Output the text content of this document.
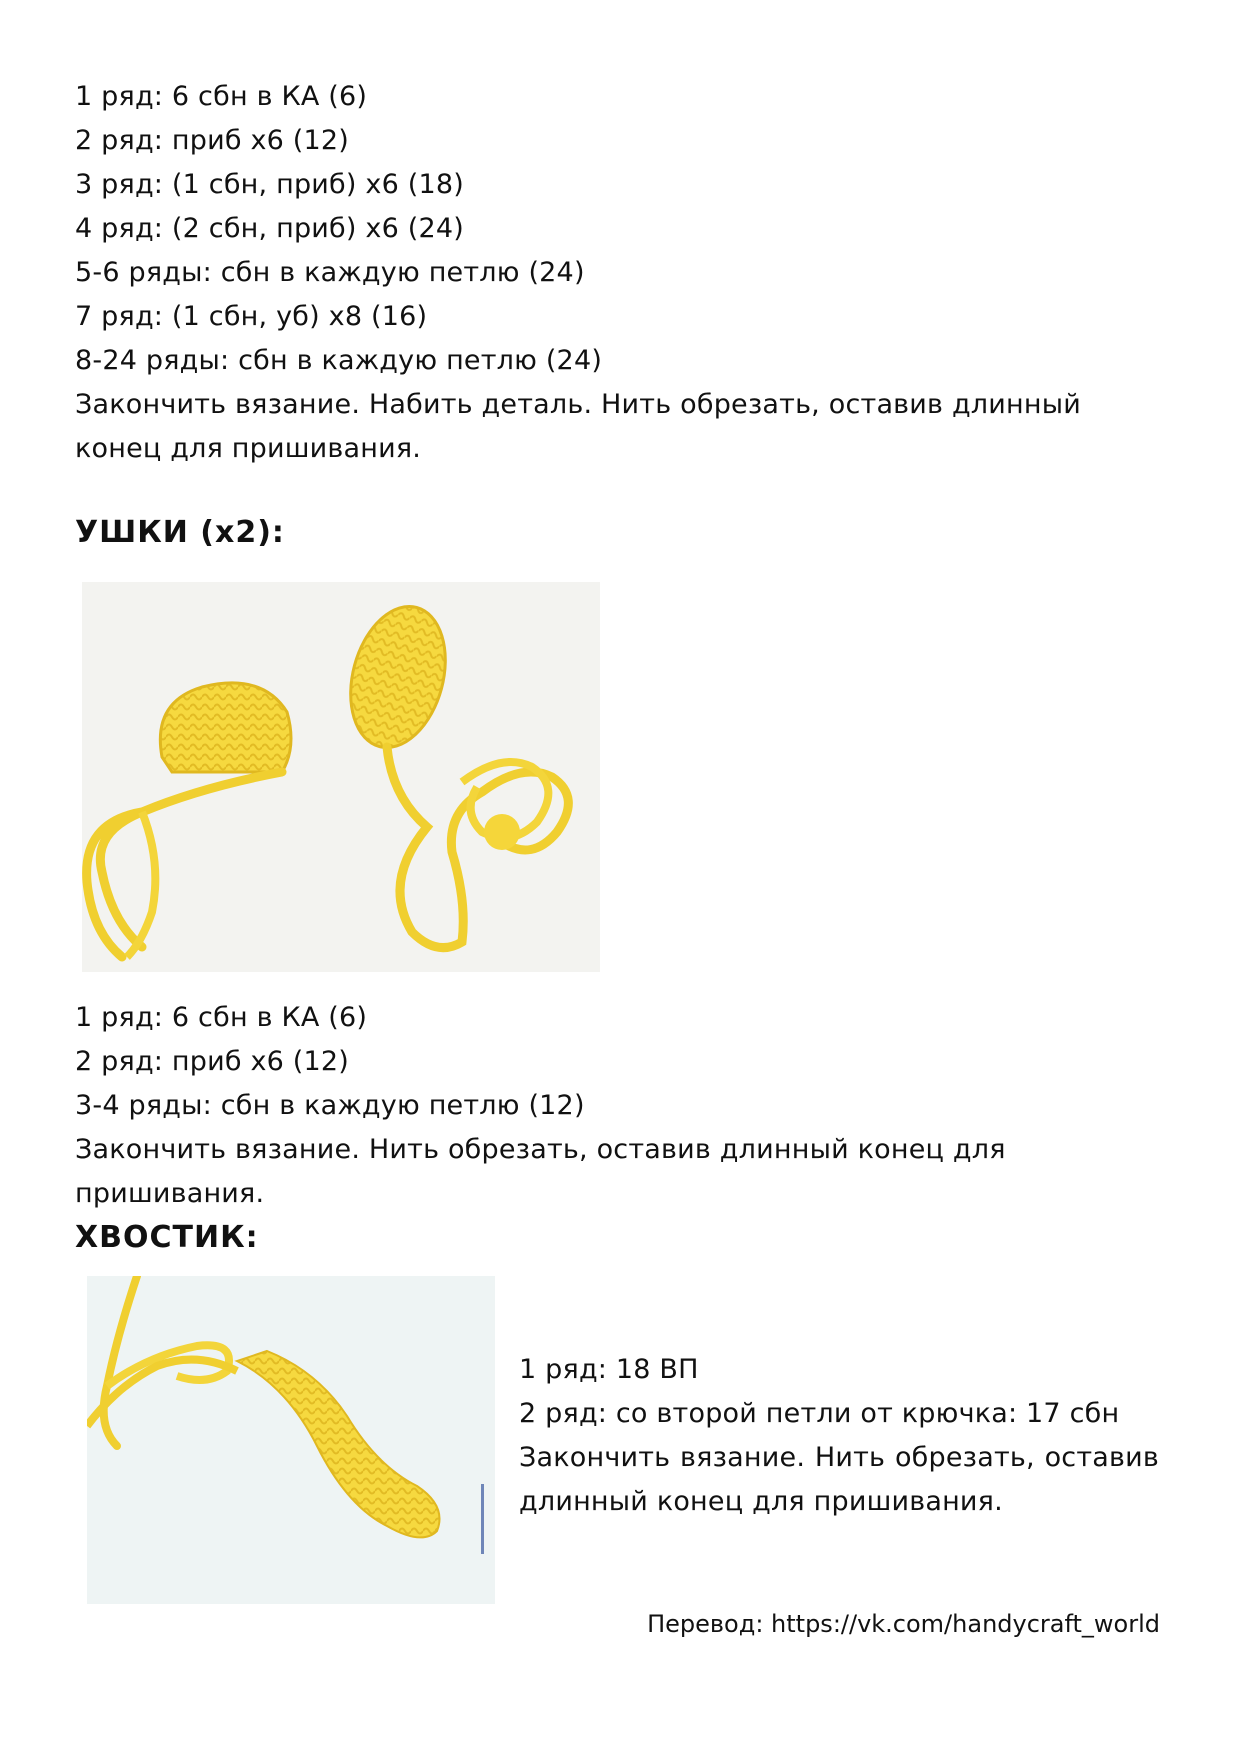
1 ряд: 6 сбн в КА (6)

2 ряд: приб х6 (12)

3 ряд: (1 сбн, приб) х6 (18)

4 ряд: (2 сбн, приб) х6 (24)

5-6 ряды: сбн в каждую петлю (24)

7 ряд: (1 сбн, уб) х8 (16)

8-24 ряды: сбн в каждую петлю (24)

Закончить вязание. Набить деталь. Нить обрезать, оставив длинный конец для пришивания.

УШКИ (х2):

1 ряд: 6 сбн в КА (6)

2 ряд: приб х6 (12)

3-4 ряды: сбн в каждую петлю (12)

Закончить вязание. Нить обрезать, оставив длинный конец для пришивания.

ХВОСТИК:

1 ряд: 18 ВП

2 ряд: со второй петли от крючка: 17 сбн

Закончить вязание. Нить обрезать, оставив длинный конец для пришивания.

Перевод: https://vk.com/handycraft_world
